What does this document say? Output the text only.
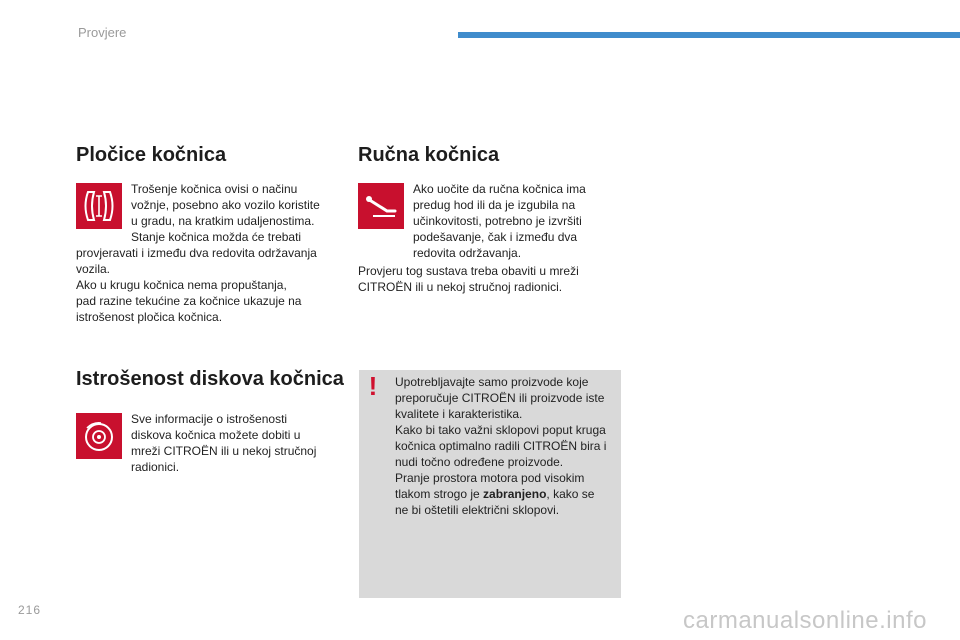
Provjere
Pločice kočnica
Trošenje kočnica ovisi o načinu
vožnje, posebno ako vozilo koristite
u gradu, na kratkim udaljenostima.
Stanje kočnica možda će trebati
provjeravati i između dva redovita održavanja
vozila.
Ako u krugu kočnica nema propuštanja,
pad razine tekućine za kočnice ukazuje na
istrošenost pločica kočnica.
Istrošenost diskova kočnica
Sve informacije o istrošenosti
diskova kočnica možete dobiti u
mreži CITROËN ili u nekoj stručnoj
radionici.
Ručna kočnica
Ako uočite da ručna kočnica ima
predug hod ili da je izgubila na
učinkovitosti, potrebno je izvršiti
podešavanje, čak i između dva
redovita održavanja.
Provjeru tog sustava treba obaviti u mreži
CITROËN ili u nekoj stručnoj radionici.
! Upotrebljavajte samo proizvode koje
preporučuje CITROËN ili proizvode iste
kvalitete i karakteristika.
Kako bi tako važni sklopovi poput kruga
kočnica optimalno radili CITROËN bira i
nudi točno određene proizvode.
Pranje prostora motora pod visokim
tlakom strogo je zabranjeno, kako se
ne bi oštetili električni sklopovi.
216	carmanualsonline.info
